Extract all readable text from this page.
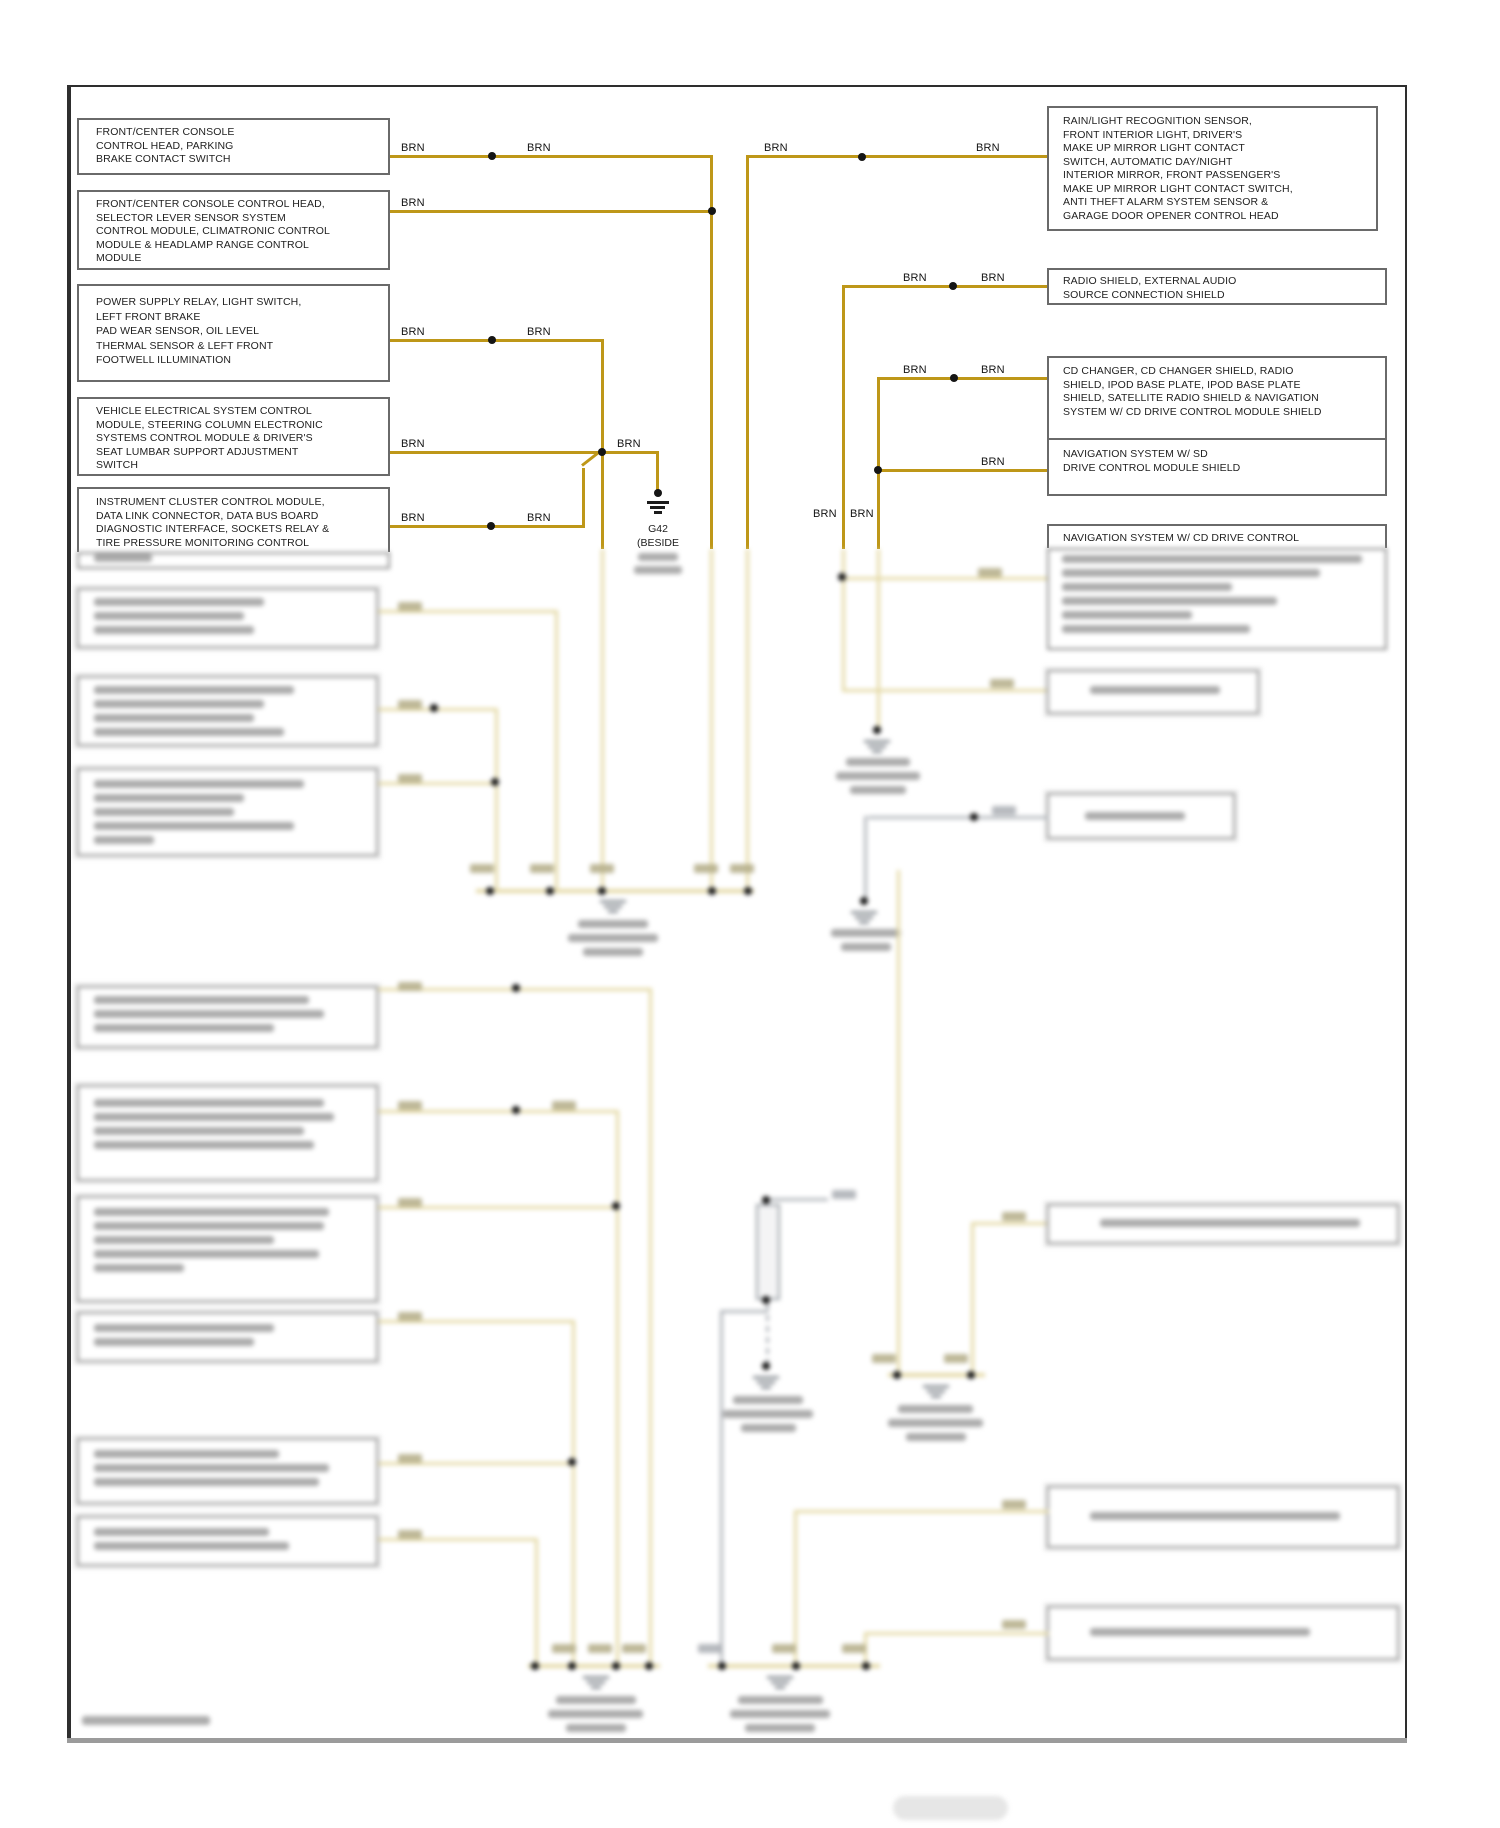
FRONT/CENTER CONSOLE
CONTROL HEAD, PARKING
BRAKE CONTACT SWITCH
FRONT/CENTER CONSOLE CONTROL HEAD,
SELECTOR LEVER SENSOR SYSTEM
CONTROL MODULE, CLIMATRONIC CONTROL
MODULE & HEADLAMP RANGE CONTROL
MODULE
POWER SUPPLY RELAY, LIGHT SWITCH,
LEFT FRONT BRAKE
PAD WEAR SENSOR, OIL LEVEL
THERMAL SENSOR & LEFT FRONT
FOOTWELL ILLUMINATION
VEHICLE ELECTRICAL SYSTEM CONTROL
MODULE, STEERING COLUMN ELECTRONIC
SYSTEMS CONTROL MODULE & DRIVER'S
SEAT LUMBAR SUPPORT ADJUSTMENT
SWITCH
INSTRUMENT CLUSTER CONTROL MODULE,
DATA LINK CONNECTOR, DATA BUS BOARD
DIAGNOSTIC INTERFACE, SOCKETS RELAY &
TIRE PRESSURE MONITORING CONTROL
RAIN/LIGHT RECOGNITION SENSOR,
FRONT INTERIOR LIGHT, DRIVER'S
MAKE UP MIRROR LIGHT CONTACT
SWITCH, AUTOMATIC DAY/NIGHT
INTERIOR MIRROR, FRONT PASSENGER'S
MAKE UP MIRROR LIGHT CONTACT SWITCH,
ANTI THEFT ALARM SYSTEM SENSOR &
GARAGE DOOR OPENER CONTROL HEAD
RADIO SHIELD, EXTERNAL AUDIO
SOURCE CONNECTION SHIELD
CD CHANGER, CD CHANGER SHIELD, RADIO
SHIELD, IPOD BASE PLATE, IPOD BASE PLATE
SHIELD, SATELLITE RADIO SHIELD & NAVIGATION
SYSTEM W/ CD DRIVE CONTROL MODULE SHIELD
NAVIGATION SYSTEM W/ SD
DRIVE CONTROL MODULE SHIELD
NAVIGATION SYSTEM W/ CD DRIVE CONTROL
BRN	BRN
BRN
BRN	BRN
BRN	BRN
BRN	BRN
BRN	BRN
BRN	BRN
BRN	BRN
BRN
BRN BRN
G42
(BESIDE
